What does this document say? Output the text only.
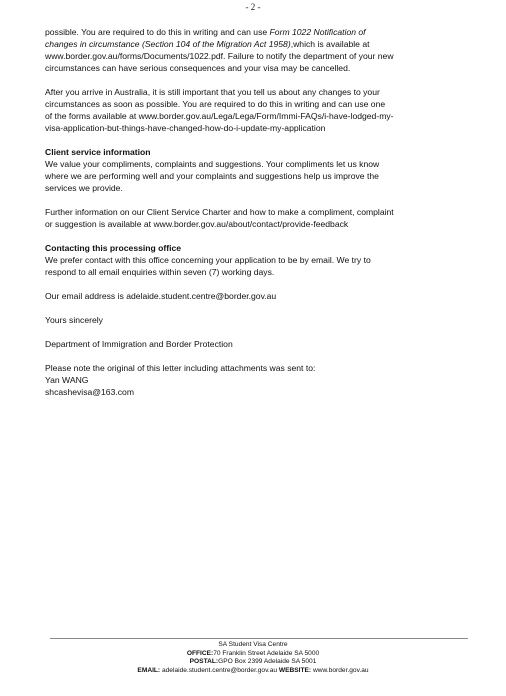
- 2 -
possible. You are required to do this in writing and can use Form 1022 Notification of
changes in circumstance (Section 104 of the Migration Act 1958),which is available at
www.border.gov.au/forms/Documents/1022.pdf. Failure to notify the department of your new
circumstances can have serious consequences and your visa may be cancelled.
After you arrive in Australia, it is still important that you tell us about any changes to your
circumstances as soon as possible. You are required to do this in writing and can use one
of the forms available at www.border.gov.au/Lega/Lega/Form/Immi-FAQs/i-have-lodged-my-
visa-application-but-things-have-changed-how-do-i-update-my-application
Client service information
We value your compliments, complaints and suggestions. Your compliments let us know
where we are performing well and your complaints and suggestions help us improve the
services we provide.
Further information on our Client Service Charter and how to make a compliment, complaint
or suggestion is available at www.border.gov.au/about/contact/provide-feedback
Contacting this processing office
We prefer contact with this office concerning your application to be by email. We try to
respond to all email enquiries within seven (7) working days.
Our email address is adelaide.student.centre@border.gov.au
Yours sincerely
Department of Immigration and Border Protection
Please note the original of this letter including attachments was sent to:
Yan WANG
shcashevisa@163.com
SA Student Visa Centre
OFFICE:70 Franklin Street Adelaide SA 5000
POSTAL:GPO Box 2399 Adelaide SA 5001
EMAIL: adelaide.student.centre@border.gov.au WEBSITE: www.border.gov.au
